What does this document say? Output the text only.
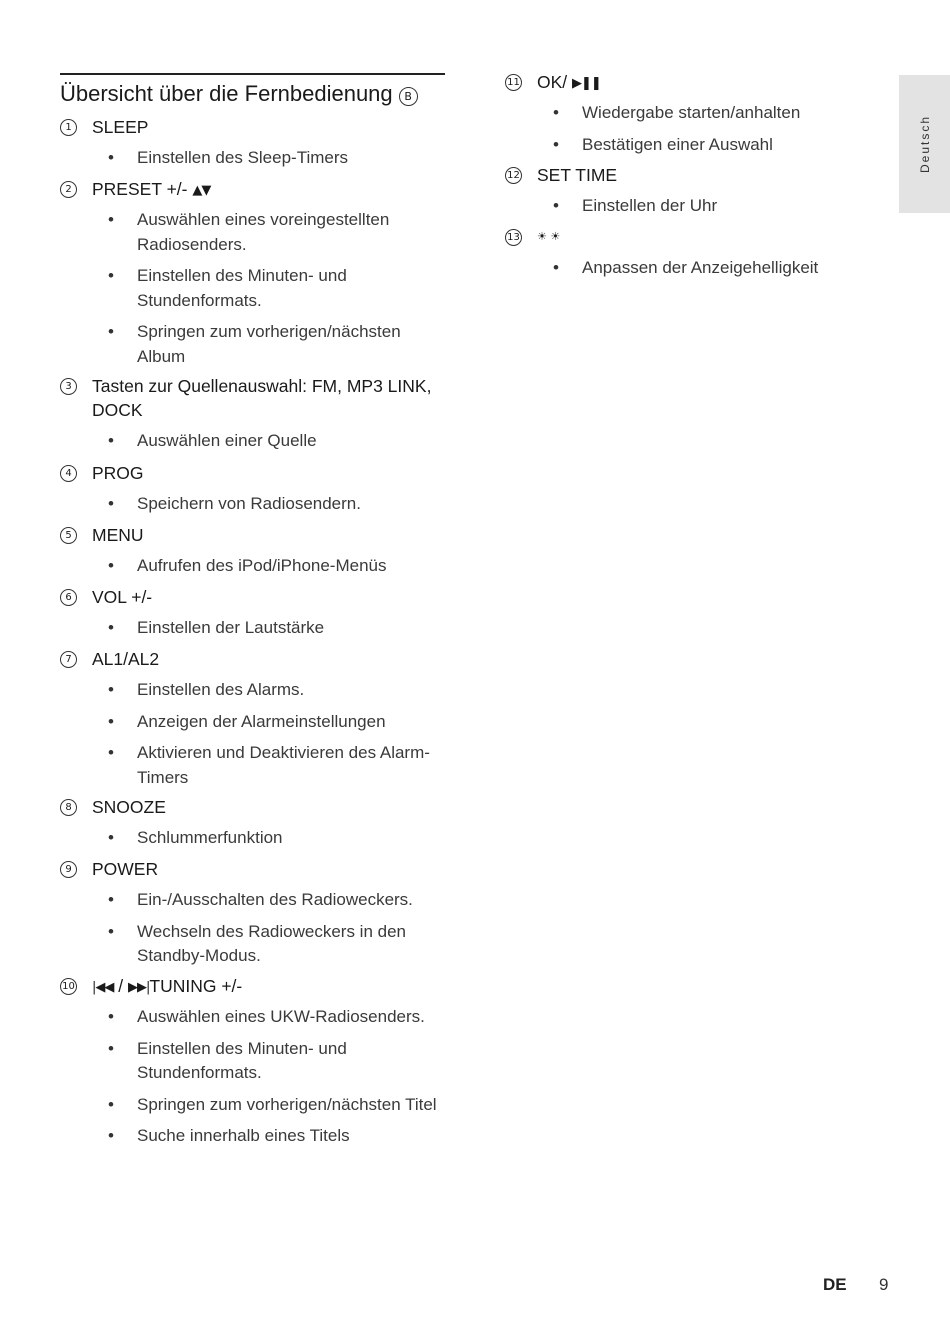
Übersicht über die Fernbedienung B
1	SLEEP
• Einstellen des Sleep-Timers
2	PRESET +/- ▲▼
• Auswählen eines voreingestellten Radiosenders.
• Einstellen des Minuten- und Stundenformats.
• Springen zum vorherigen/nächsten Album
3	Tasten zur Quellenauswahl: FM, MP3 LINK, DOCK
• Auswählen einer Quelle
4	PROG
• Speichern von Radiosendern.
5	MENU
• Aufrufen des iPod/iPhone-Menüs
6	VOL +/-
• Einstellen der Lautstärke
7	AL1/AL2
• Einstellen des Alarms.
• Anzeigen der Alarmeinstellungen
• Aktivieren und Deaktivieren des Alarm-Timers
8	SNOOZE
• Schlummerfunktion
9	POWER
• Ein-/Ausschalten des Radioweckers.
• Wechseln des Radioweckers in den Standby-Modus.
10 |◀◀ / ▶▶|TUNING +/-
• Auswählen eines UKW-Radiosenders.
• Einstellen des Minuten- und Stundenformats.
• Springen zum vorherigen/nächsten Titel
• Suche innerhalb eines Titels
11 OK/ ▶❚❚
• Wiedergabe starten/anhalten
• Bestätigen einer Auswahl
12 SET TIME
• Einstellen der Uhr
13 ☀ ☀
• Anpassen der Anzeigehelligkeit
Deutsch
DE 9
